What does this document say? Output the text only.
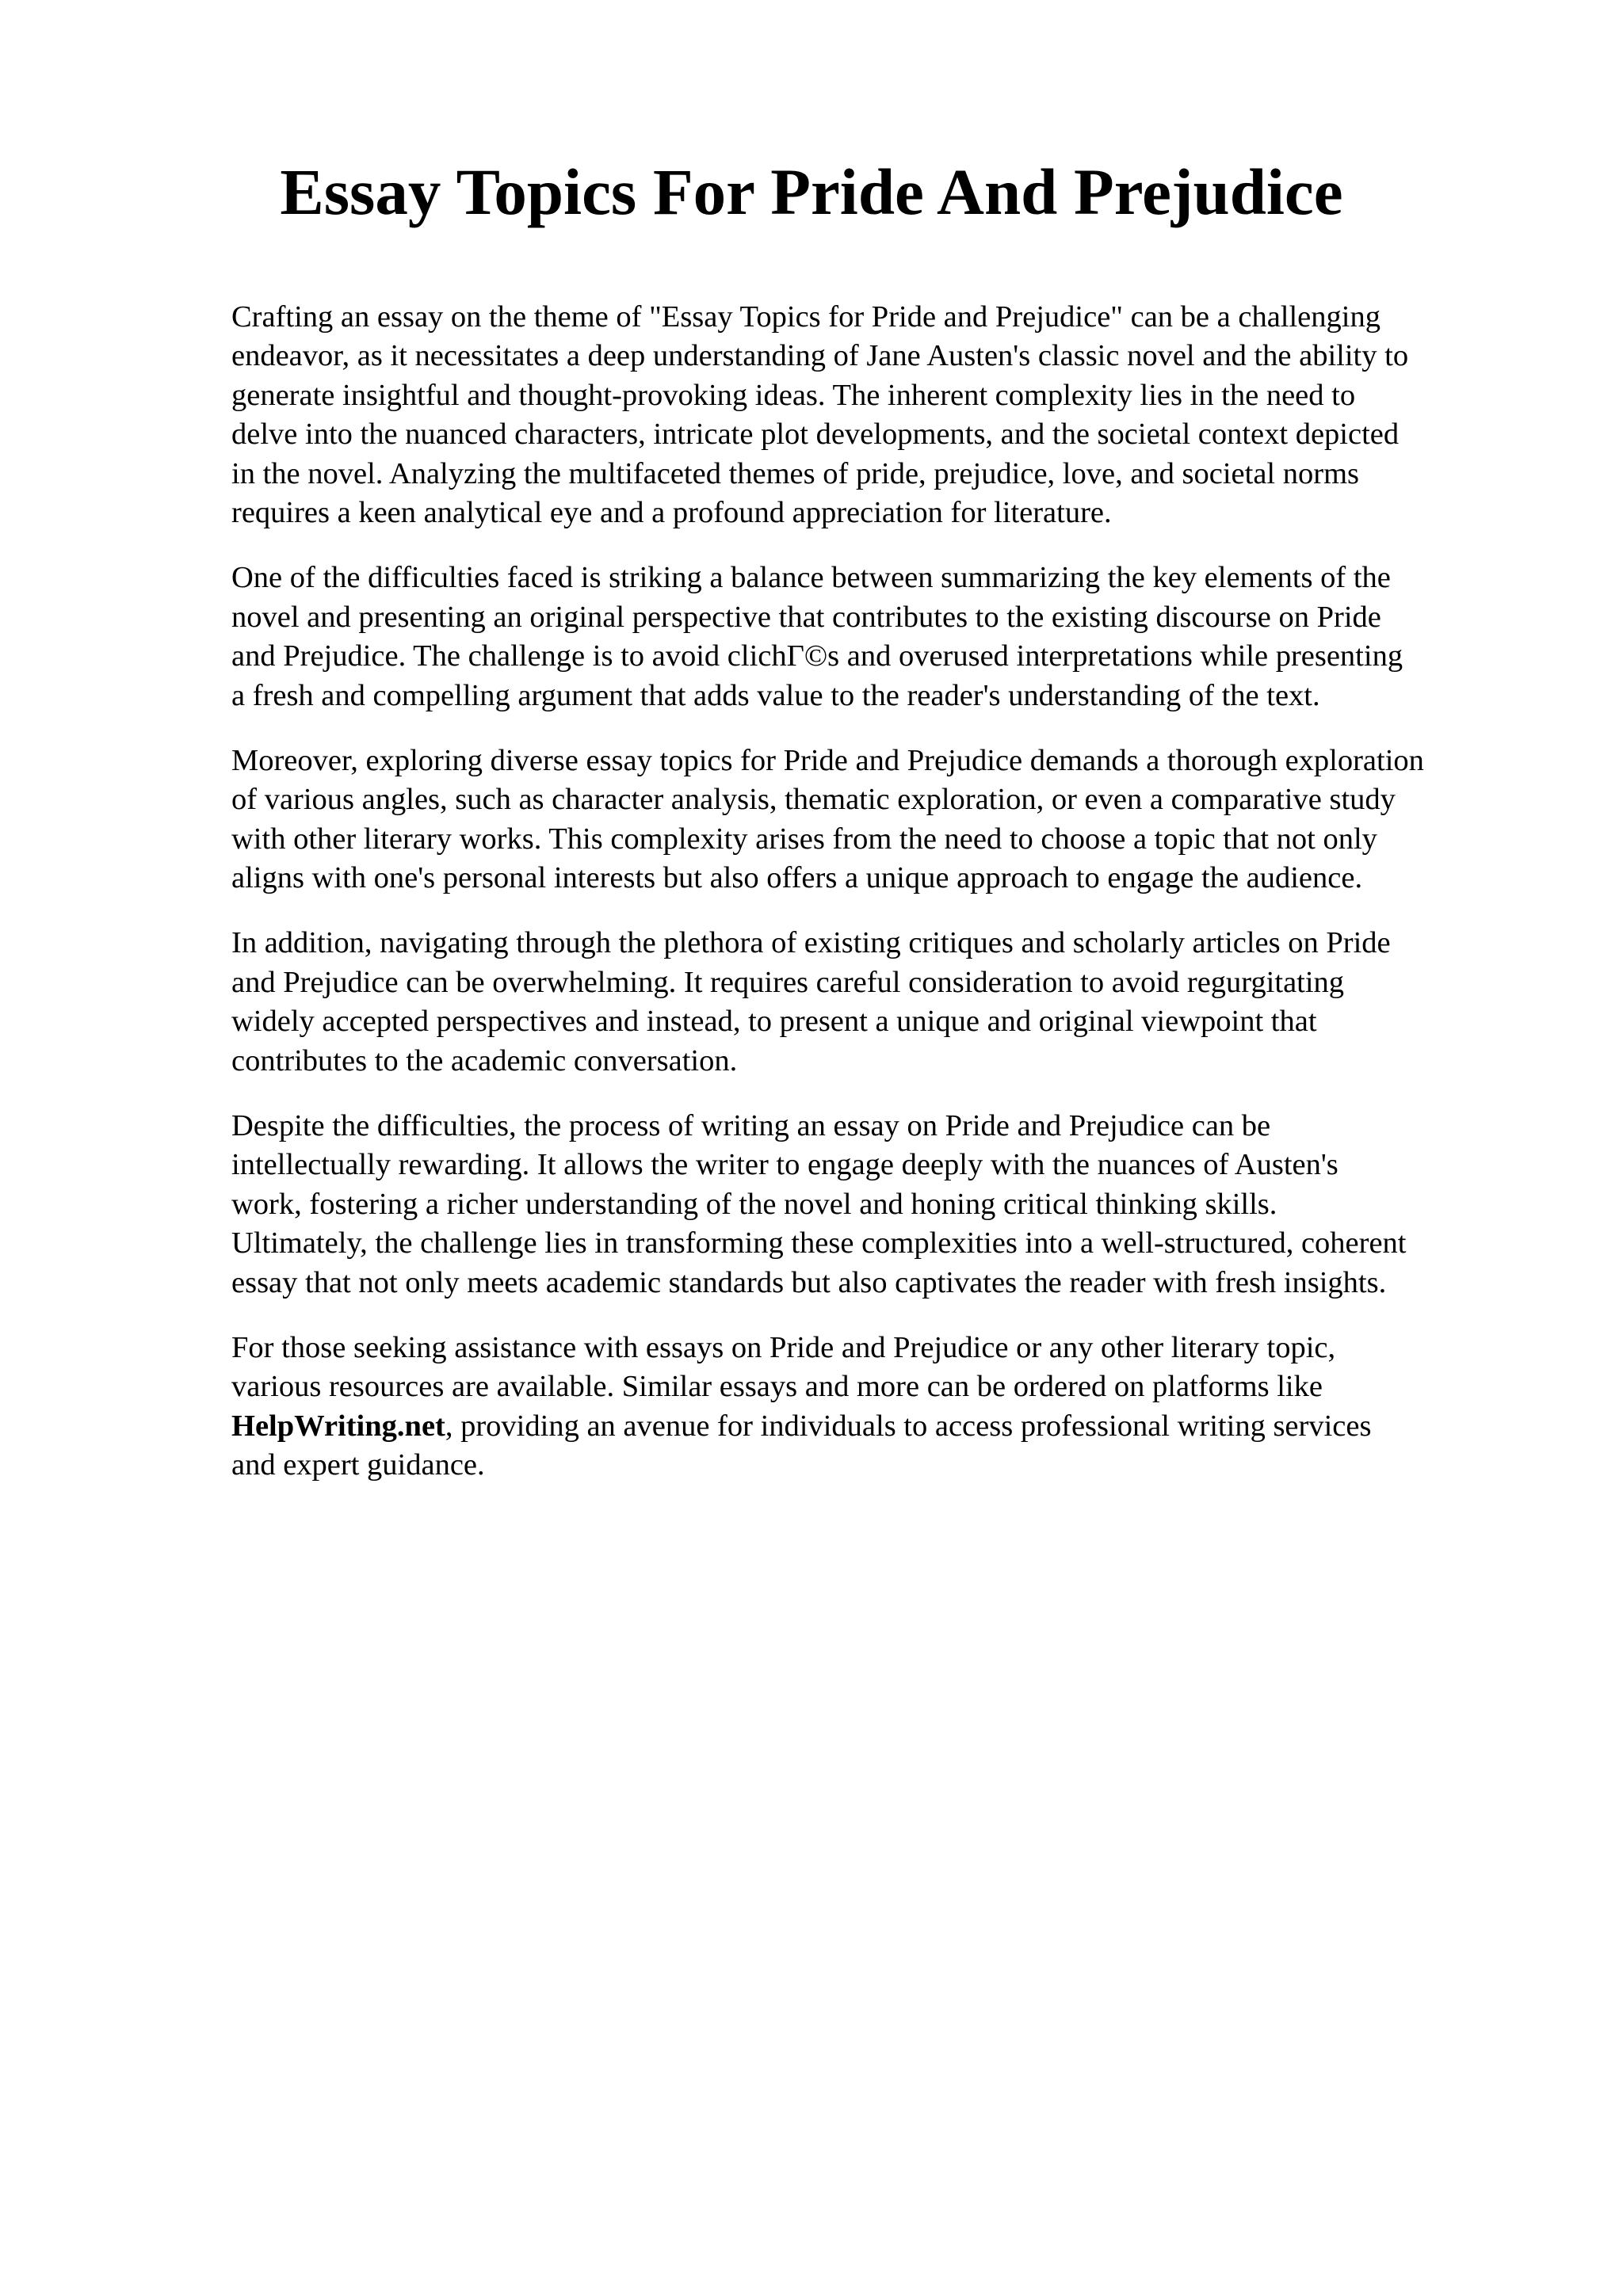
Essay Topics For Pride And Prejudice

Crafting an essay on the theme of "Essay Topics for Pride and Prejudice" can be a challenging
endeavor, as it necessitates a deep understanding of Jane Austen's classic novel and the ability to
generate insightful and thought-provoking ideas. The inherent complexity lies in the need to
delve into the nuanced characters, intricate plot developments, and the societal context depicted
in the novel. Analyzing the multifaceted themes of pride, prejudice, love, and societal norms
requires a keen analytical eye and a profound appreciation for literature.

One of the difficulties faced is striking a balance between summarizing the key elements of the
novel and presenting an original perspective that contributes to the existing discourse on Pride
and Prejudice. The challenge is to avoid clichΓ©s and overused interpretations while presenting
a fresh and compelling argument that adds value to the reader's understanding of the text.

Moreover, exploring diverse essay topics for Pride and Prejudice demands a thorough exploration
of various angles, such as character analysis, thematic exploration, or even a comparative study
with other literary works. This complexity arises from the need to choose a topic that not only
aligns with one's personal interests but also offers a unique approach to engage the audience.

In addition, navigating through the plethora of existing critiques and scholarly articles on Pride
and Prejudice can be overwhelming. It requires careful consideration to avoid regurgitating
widely accepted perspectives and instead, to present a unique and original viewpoint that
contributes to the academic conversation.

Despite the difficulties, the process of writing an essay on Pride and Prejudice can be
intellectually rewarding. It allows the writer to engage deeply with the nuances of Austen's
work, fostering a richer understanding of the novel and honing critical thinking skills.
Ultimately, the challenge lies in transforming these complexities into a well-structured, coherent
essay that not only meets academic standards but also captivates the reader with fresh insights.

For those seeking assistance with essays on Pride and Prejudice or any other literary topic,
various resources are available. Similar essays and more can be ordered on platforms like
HelpWriting.net, providing an avenue for individuals to access professional writing services
and expert guidance.
